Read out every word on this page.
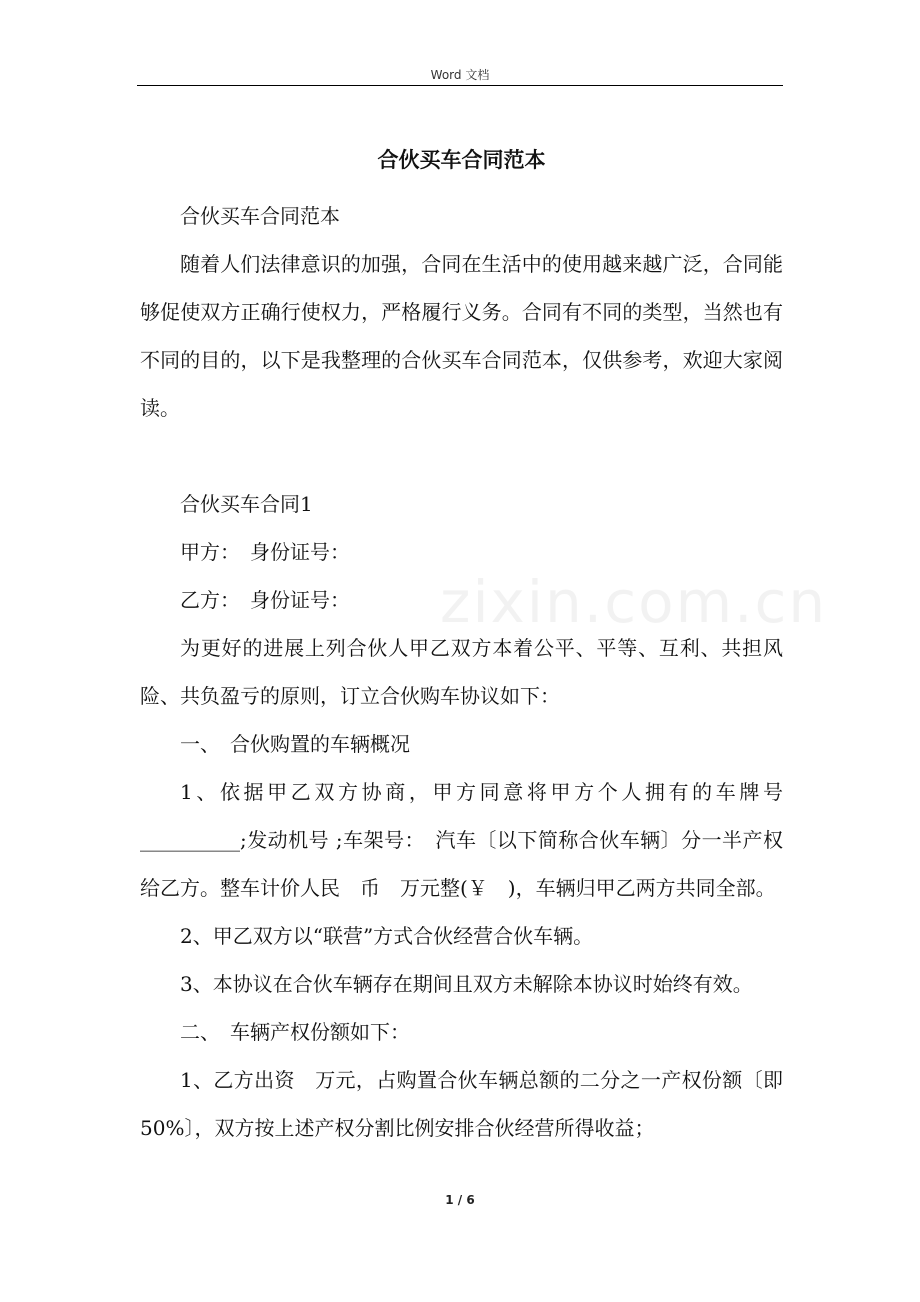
Word 文档
zixin.com.cn
合伙买车合同范本

合伙买车合同范本

随着人们法律意识的加强，合同在生活中的使用越来越广泛，合同能够促使双方正确行使权力，严格履行义务。合同有不同的类型，当然也有不同的目的，以下是我整理的合伙买车合同范本，仅供参考，欢迎大家阅读。

合伙买车合同1

甲方：　身份证号：

乙方：　身份证号：

为更好的进展上列合伙人甲乙双方本着公平、平等、互利、共担风险、共负盈亏的原则，订立合伙购车协议如下：

一、　合伙购置的车辆概况

1、依据甲乙双方协商，甲方同意将甲方个人拥有的车牌号__________;发动机号 ;车架号：　汽车〔以下简称合伙车辆〕分一半产权给乙方。整车计价人民　币　万元整(￥　)，车辆归甲乙两方共同全部。

2、甲乙双方以“联营”方式合伙经营合伙车辆。

3、本协议在合伙车辆存在期间且双方未解除本协议时始终有效。

二、　车辆产权份额如下：

1、乙方出资　万元，占购置合伙车辆总额的二分之一产权份额〔即 50%〕，双方按上述产权分割比例安排合伙经营所得收益；

1 / 6
